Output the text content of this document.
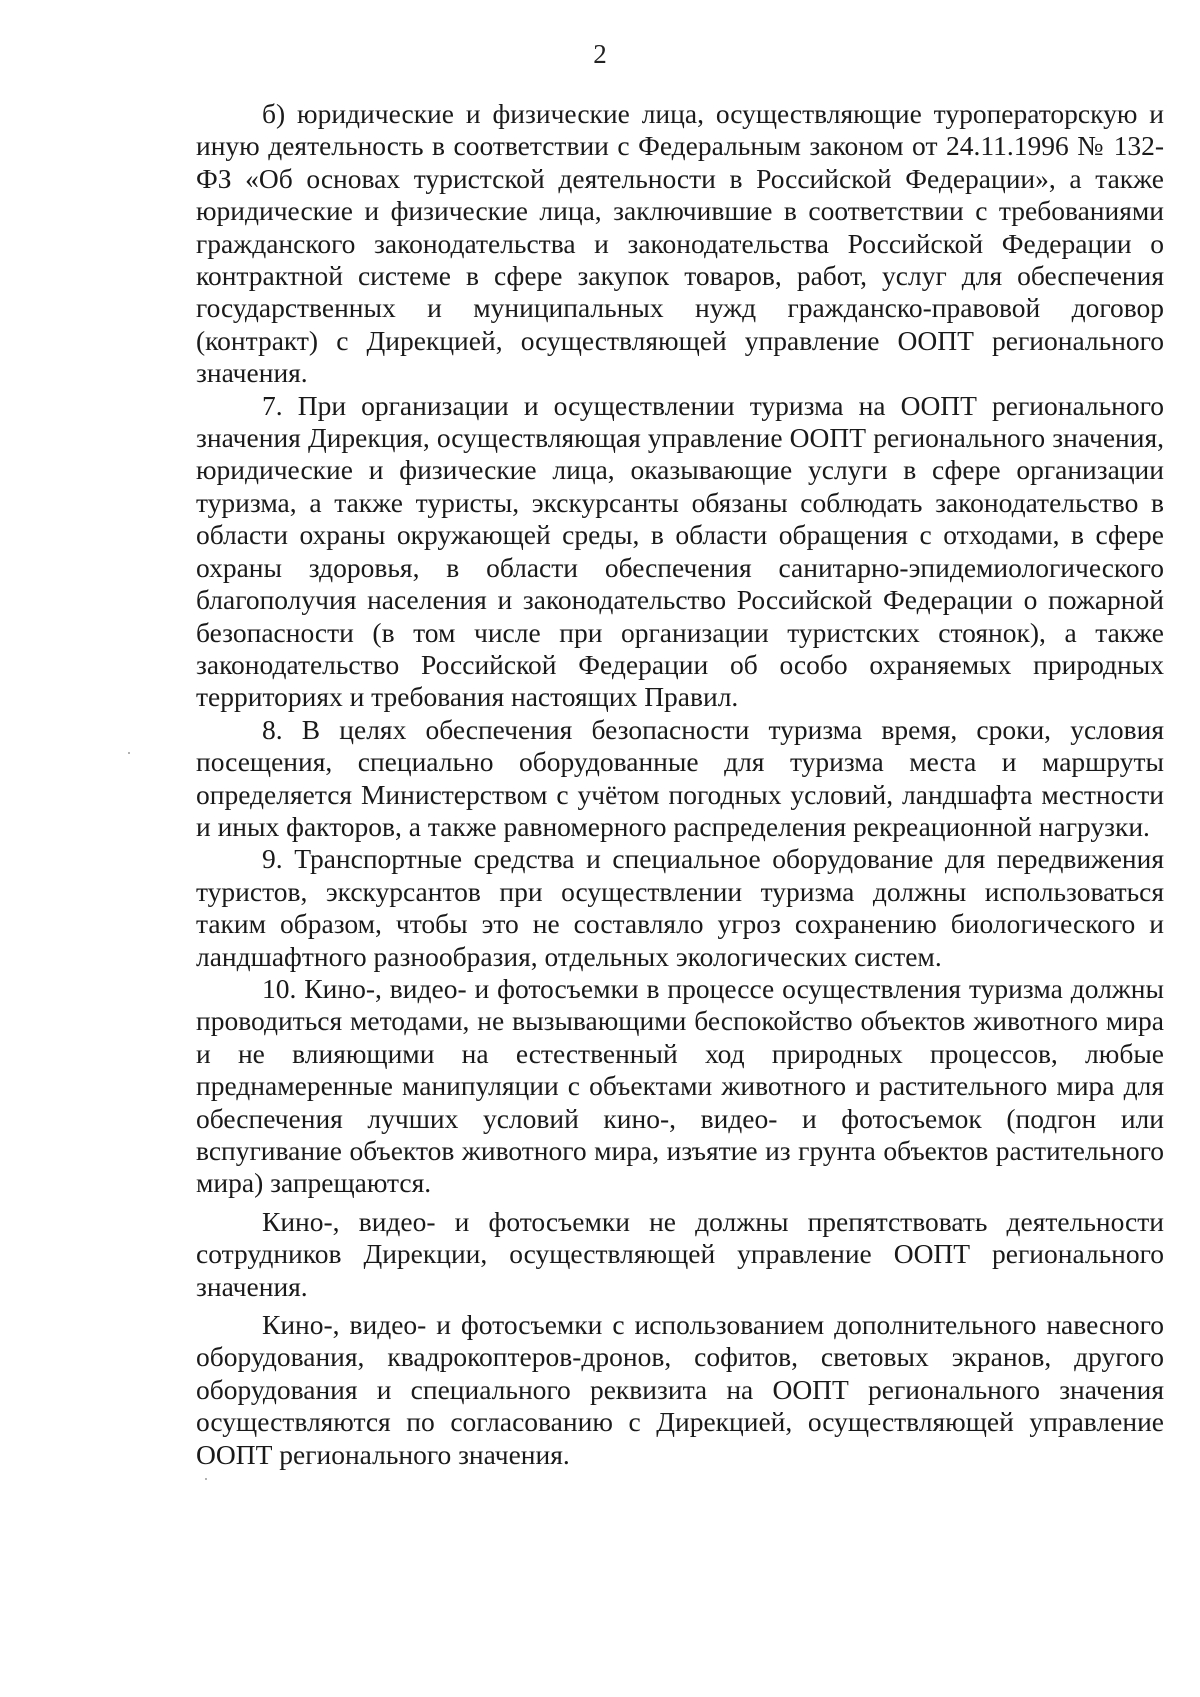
2

б) юридические и физические лица, осуществляющие туроператорскую и иную деятельность в соответствии с Федеральным законом от 24.11.1996 № 132-ФЗ «Об основах туристской деятельности в Российской Федерации», а также юридические и физические лица, заключившие в соответствии с требованиями гражданского законодательства и законодательства Российской Федерации о контрактной системе в сфере закупок товаров, работ, услуг для обеспечения государственных и муниципальных нужд гражданско-правовой договор (контракт) с Дирекцией, осуществляющей управление ООПТ регионального значения.

7. При организации и осуществлении туризма на ООПТ регионального значения Дирекция, осуществляющая управление ООПТ регионального значения, юридические и физические лица, оказывающие услуги в сфере организации туризма, а также туристы, экскурсанты обязаны соблюдать законодательство в области охраны окружающей среды, в области обращения с отходами, в сфере охраны здоровья, в области обеспечения санитарно-эпидемиологического благополучия населения и законодательство Российской Федерации о пожарной безопасности (в том числе при организации туристских стоянок), а также законодательство Российской Федерации об особо охраняемых природных территориях и требования настоящих Правил.

8. В целях обеспечения безопасности туризма время, сроки, условия посещения, специально оборудованные для туризма места и маршруты определяется Министерством с учётом погодных условий, ландшафта местности и иных факторов, а также равномерного распределения рекреационной нагрузки.

9. Транспортные средства и специальное оборудование для передвижения туристов, экскурсантов при осуществлении туризма должны использоваться таким образом, чтобы это не составляло угроз сохранению биологического и ландшафтного разнообразия, отдельных экологических систем.

10. Кино-, видео- и фотосъемки в процессе осуществления туризма должны проводиться методами, не вызывающими беспокойство объектов животного мира и не влияющими на естественный ход природных процессов, любые преднамеренные манипуляции с объектами животного и растительного мира для обеспечения лучших условий кино-, видео- и фотосъемок (подгон или вспугивание объектов животного мира, изъятие из грунта объектов растительного мира) запрещаются.

Кино-, видео- и фотосъемки не должны препятствовать деятельности сотрудников Дирекции, осуществляющей управление ООПТ регионального значения.

Кино-, видео- и фотосъемки с использованием дополнительного навесного оборудования, квадрокоптеров-дронов, софитов, световых экранов, другого оборудования и специального реквизита на ООПТ регионального значения осуществляются по согласованию с Дирекцией, осуществляющей управление ООПТ регионального значения.
